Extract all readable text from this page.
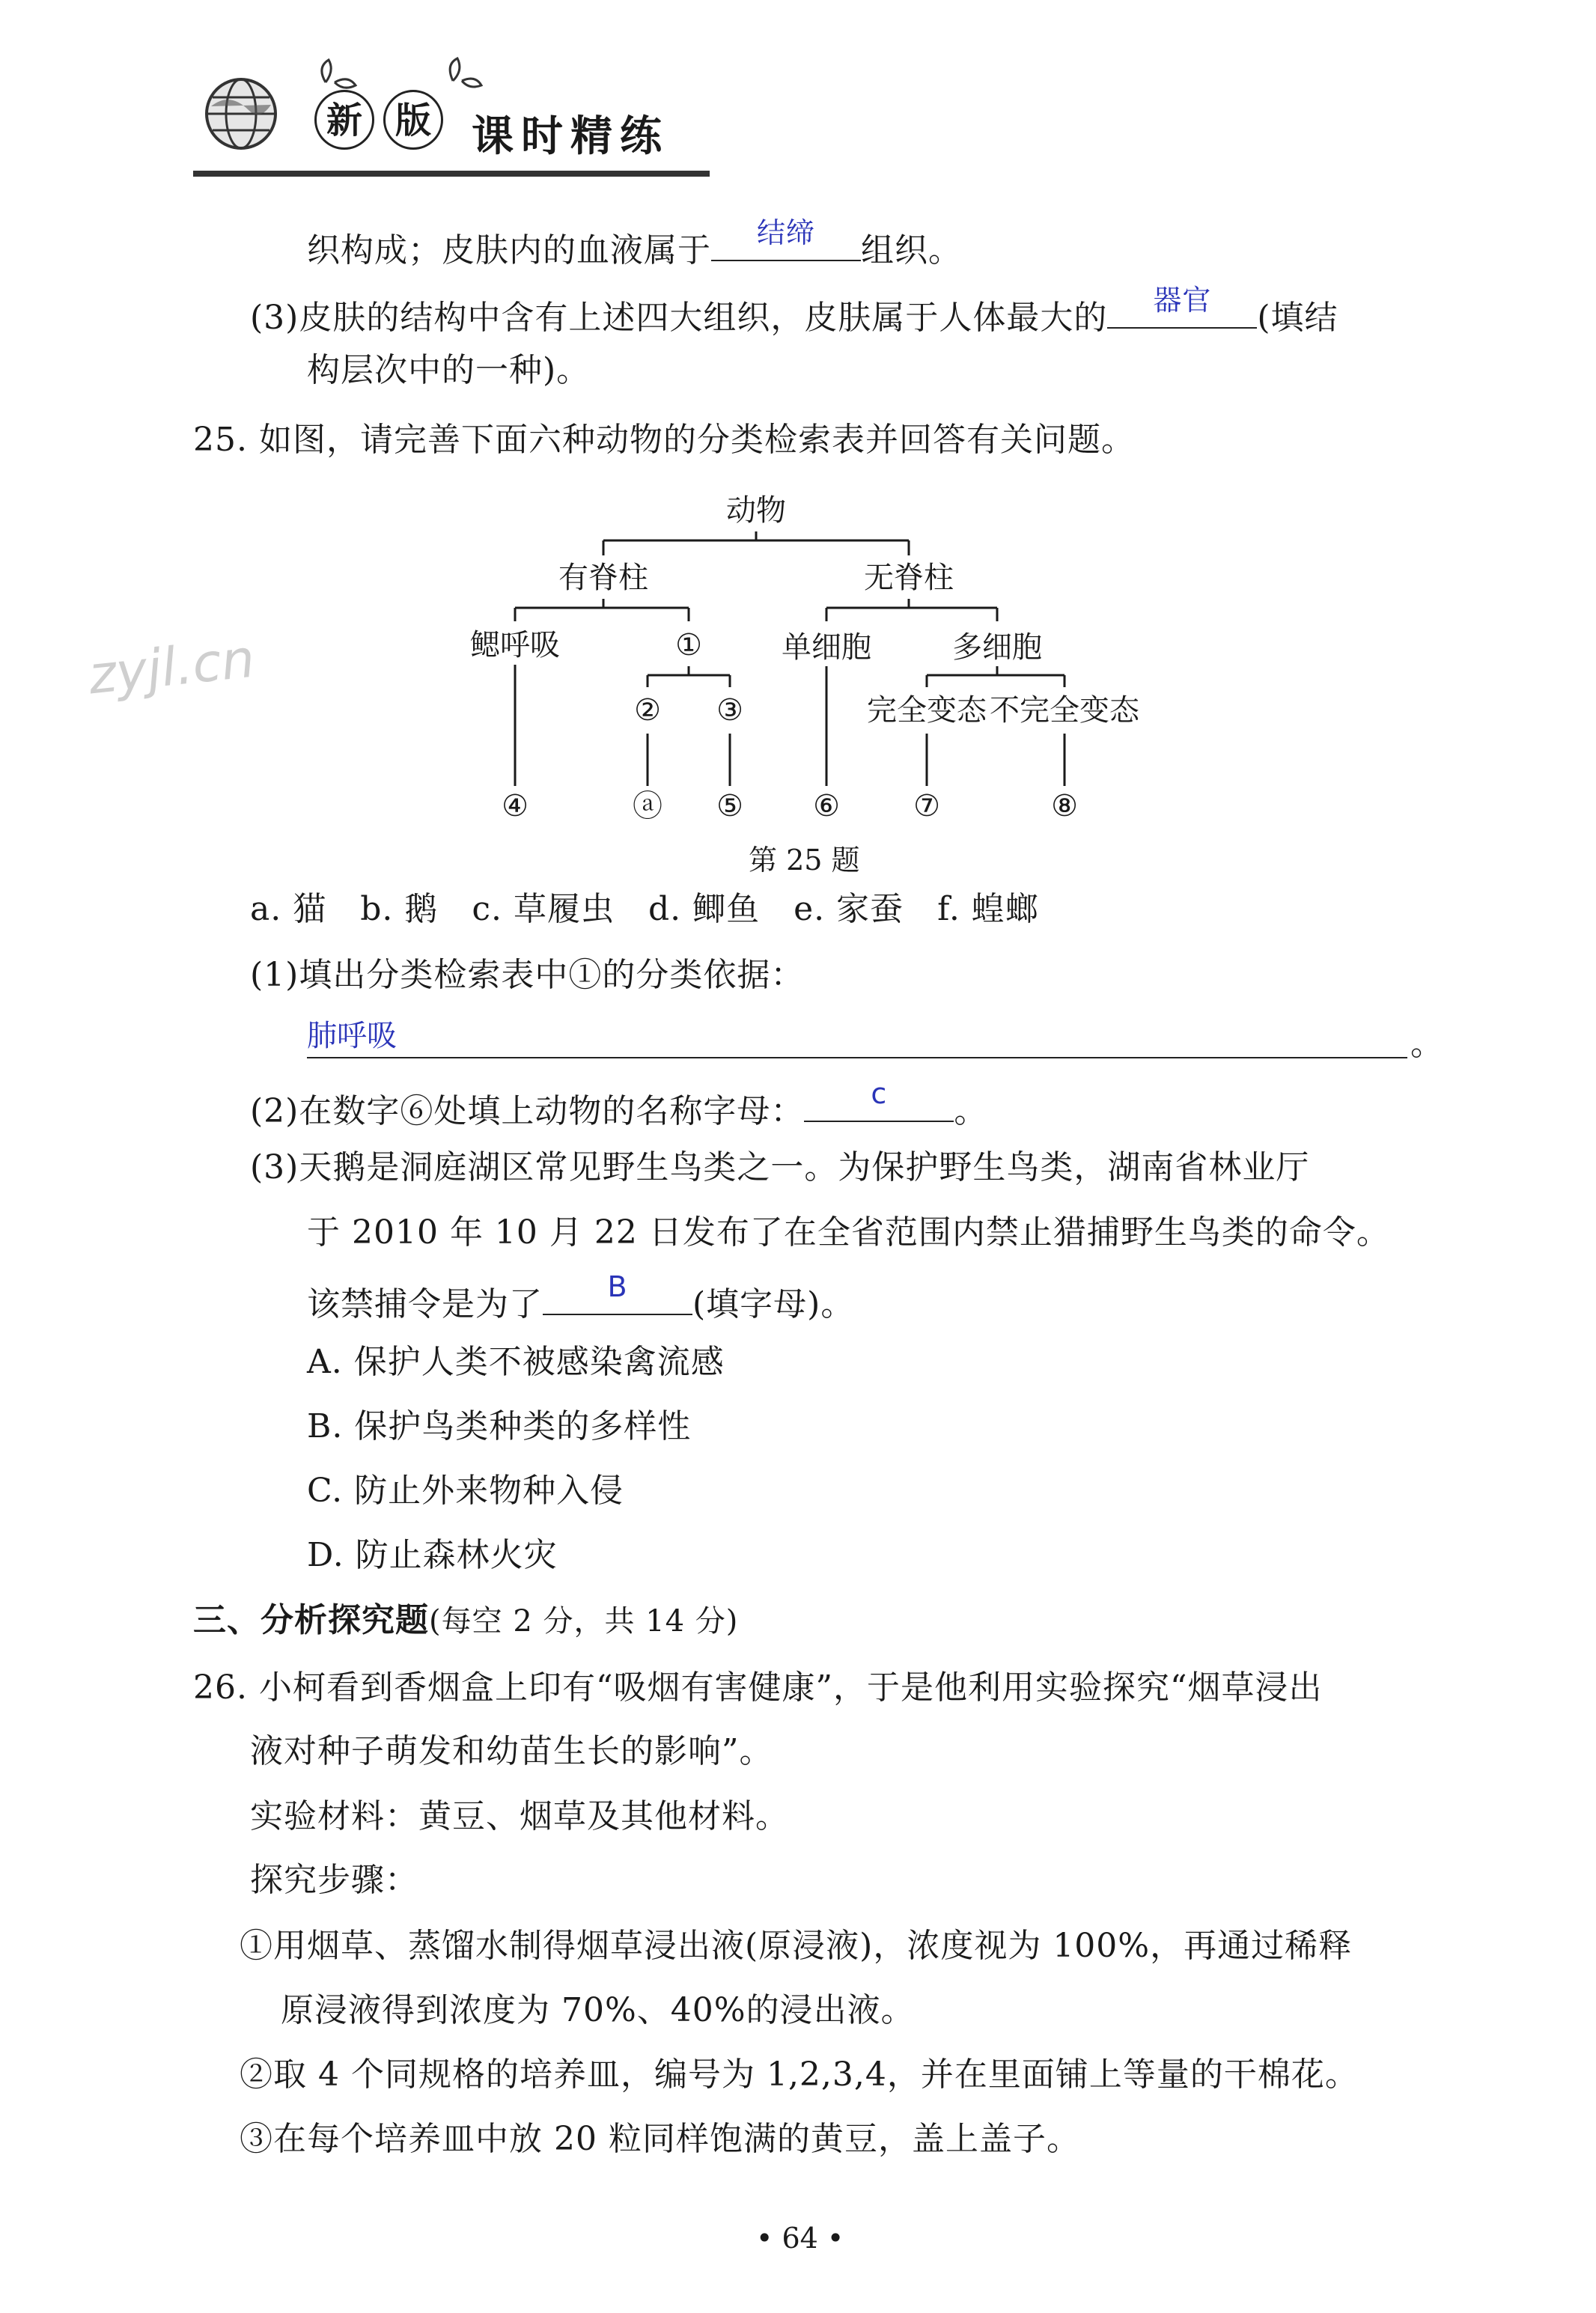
新 版 课时精练
zyjl.cn
织构成；皮肤内的血液属于	结缔	组织。
(3)皮肤的结构中含有上述四大组织，皮肤属于人体最大的	器官	(填结
构层次中的一种)。
25. 如图，请完善下面六种动物的分类检索表并回答有关问题。
动物
有脊柱	无脊柱
鳃呼吸	①
② ③
单细胞	多细胞
完全变态 不完全变态
④	ⓐ ⑤ ⑥ ⑦	⑧
第 25 题
a. 猫　b. 鹅　c. 草履虫　d. 鲫鱼　e. 家蚕　f. 蝗螂
(1)填出分类检索表中①的分类依据：
肺呼吸	。
(2)在数字⑥处填上动物的名称字母：	c	。
(3)天鹅是洞庭湖区常见野生鸟类之一。为保护野生鸟类，湖南省林业厅
于 2010 年 10 月 22 日发布了在全省范围内禁止猎捕野生鸟类的命令。
该禁捕令是为了	B	(填字母)。
A. 保护人类不被感染禽流感
B. 保护鸟类种类的多样性
C. 防止外来物种入侵
D. 防止森林火灾
三、分析探究题(每空 2 分，共 14 分)
26. 小柯看到香烟盒上印有“吸烟有害健康”，于是他利用实验探究“烟草浸出
液对种子萌发和幼苗生长的影响”。
实验材料：黄豆、烟草及其他材料。
探究步骤：
①用烟草、蒸馏水制得烟草浸出液(原浸液)，浓度视为 100%，再通过稀释
原浸液得到浓度为 70%、40%的浸出液。
②取 4 个同规格的培养皿，编号为 1,2,3,4，并在里面铺上等量的干棉花。
③在每个培养皿中放 20 粒同样饱满的黄豆，盖上盖子。
• 64 •
